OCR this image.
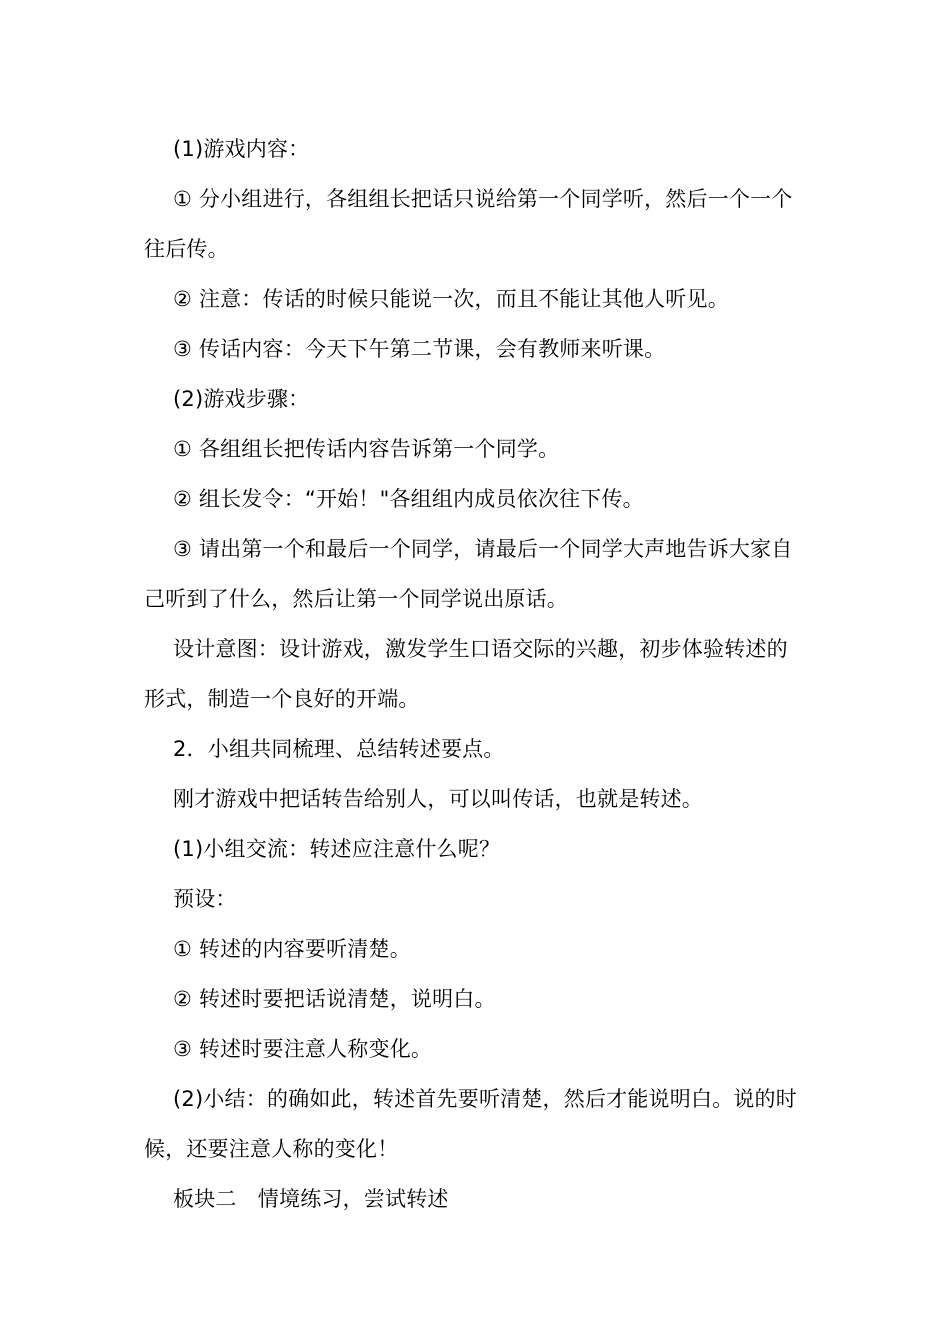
(1)游戏内容：

① 分小组进行，各组组长把话只说给第一个同学听，然后一个一个往后传。

② 注意：传话的时候只能说一次，而且不能让其他人听见。

③ 传话内容：今天下午第二节课，会有教师来听课。

(2)游戏步骤：

① 各组组长把传话内容告诉第一个同学。

② 组长发令：“开始！"各组组内成员依次往下传。

③ 请出第一个和最后一个同学，请最后一个同学大声地告诉大家自己听到了什么，然后让第一个同学说出原话。

设计意图：设计游戏，激发学生口语交际的兴趣，初步体验转述的形式，制造一个良好的开端。

2．小组共同梳理、总结转述要点。

刚才游戏中把话转告给别人，可以叫传话，也就是转述。

(1)小组交流：转述应注意什么呢？

预设：

① 转述的内容要听清楚。

② 转述时要把话说清楚，说明白。

③ 转述时要注意人称变化。

(2)小结：的确如此，转述首先要听清楚，然后才能说明白。说的时候，还要注意人称的变化！

板块二　情境练习，尝试转述
